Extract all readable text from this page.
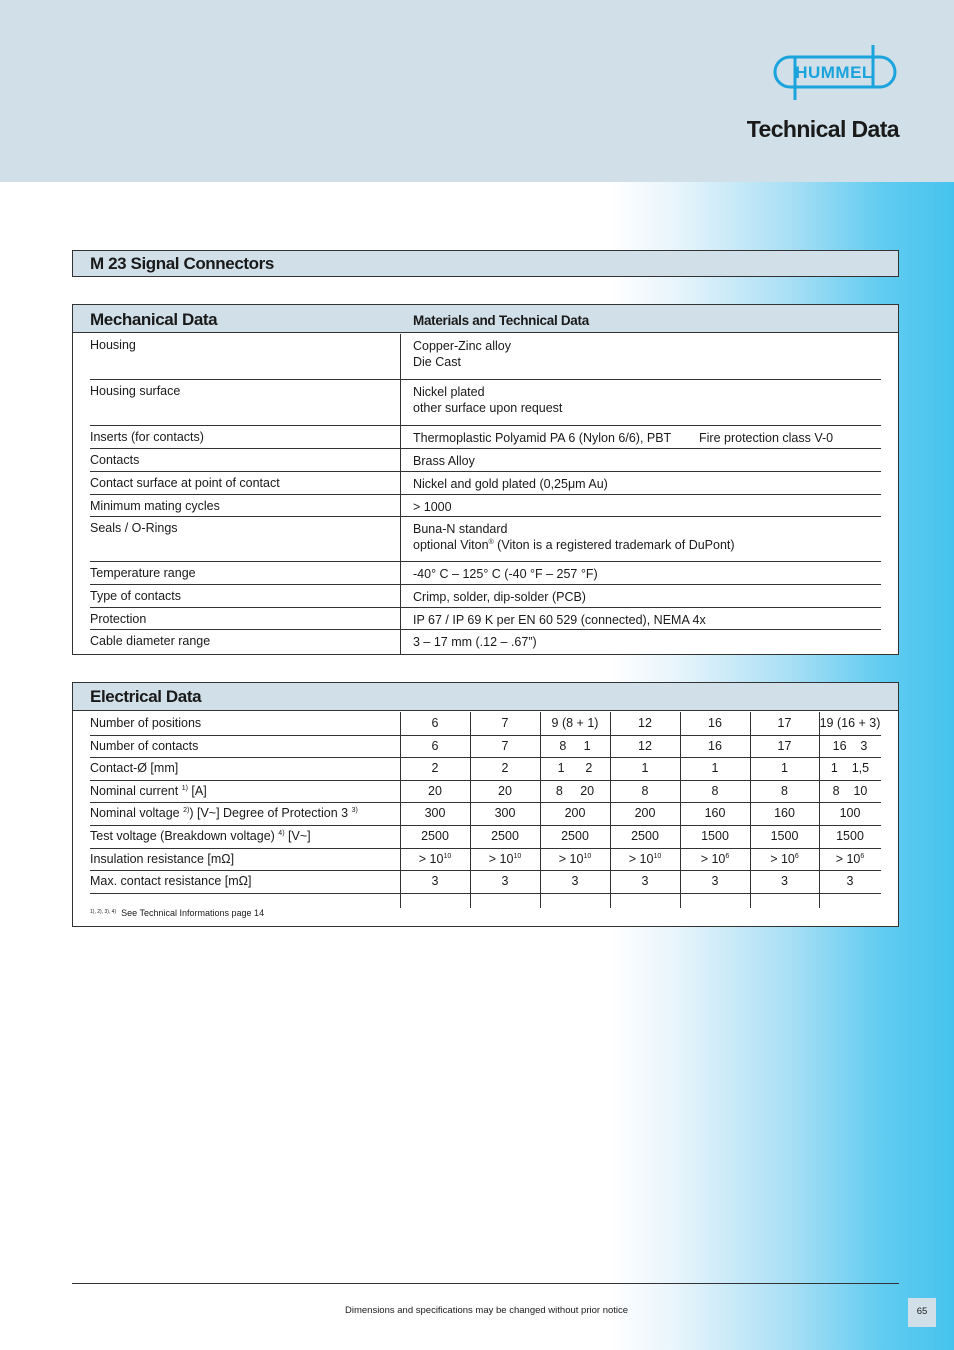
HUMMEL
Technical Data
M 23 Signal Connectors
Mechanical Data	Materials and Technical Data
Housing	Copper-Zinc alloy
Die Cast
Housing surface	Nickel plated
other surface upon request
Inserts (for contacts)	Thermoplastic Polyamid PA 6 (Nylon 6/6), PBT Fire protection class V-0
Contacts	Brass Alloy
Contact surface at point of contact	Nickel and gold plated (0,25μm Au)
Minimum mating cycles	> 1000
Seals / O-Rings	Buna-N standard
optional Viton® (Viton is a registered trademark of DuPont)
Temperature range	-40° C – 125° C (-40 °F – 257 °F)
Type of contacts	Crimp, solder, dip-solder (PCB)
Protection	IP 67 / IP 69 K per EN 60 529 (connected), NEMA 4x
Cable diameter range	3 – 17 mm (.12 – .67”)
Electrical Data
Number of positions	6	7	9 (8 + 1)	12	16	17	19 (16 + 3)
Number of contacts	6	7	8     1	12	16	17	16    3
Contact-Ø [mm]	2	2	1      2	1	1	1	1    1,5
Nominal current $^{1)}$ [A]	20	20	8     20	8	8	8	8    10
Nominal voltage $^{2)}$) [V~] Degree of Protection 3 $^{3)}$	300	300	200	200	160	160	100
Test voltage (Breakdown voltage) $^{4)}$ [V~]	2500	2500	2500	2500	1500	1500	1500
Insulation resistance [mΩ]	> $10^{10}$	> $10^{10}$	> $10^{10}$	> $10^{10}$	> $10^6$	> $10^6$	> $10^6$
Max. contact resistance [mΩ]	3	3	3	3	3	3	3
$^{1), 2), 3), 4)}$ See Technical Informations page 14
Dimensions and specifications may be changed without prior notice	65
